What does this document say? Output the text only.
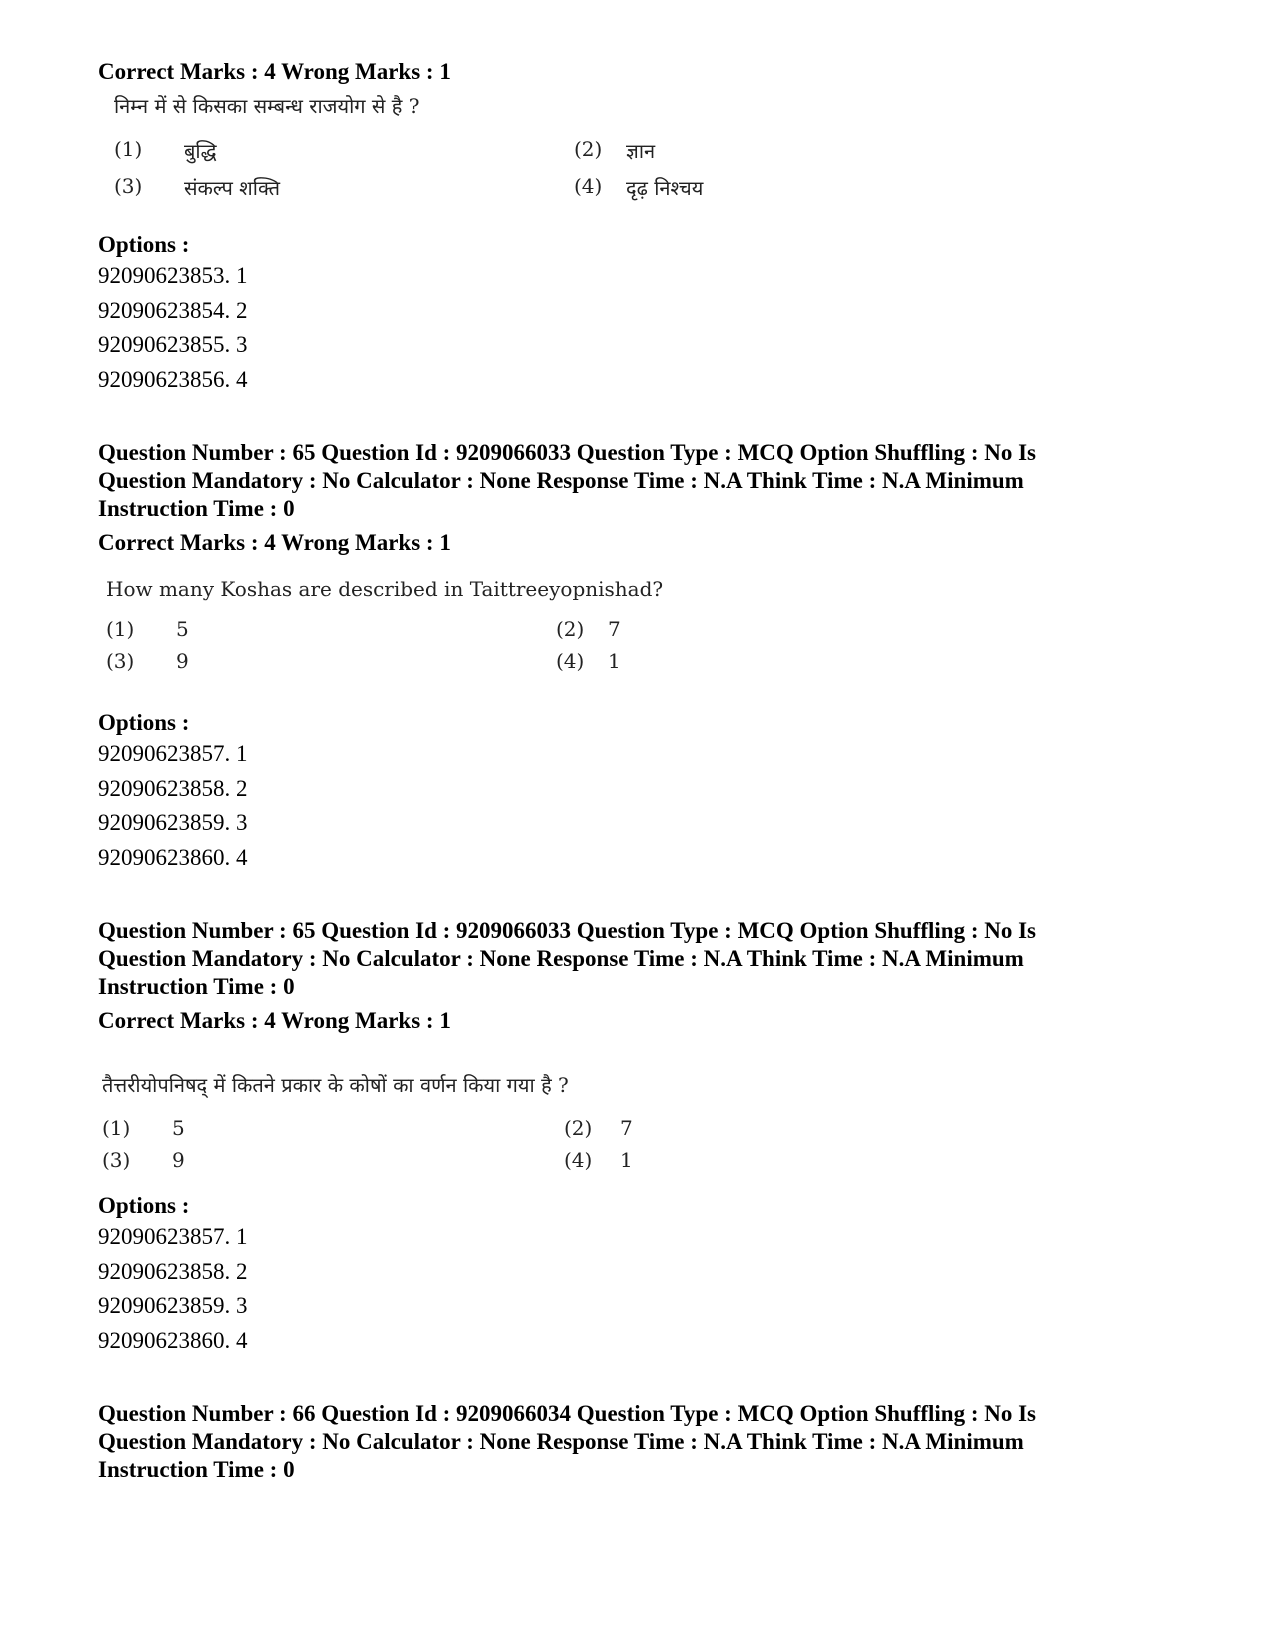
Correct Marks : 4 Wrong Marks : 1
निम्न में से किसका सम्बन्ध राजयोग से है ?
(1)	बुद्धि	(2)	ज्ञान
(3)	संकल्प शक्ति	(4)	दृढ़ निश्चय
Options :
92090623853. 1
92090623854. 2
92090623855. 3
92090623856. 4
Question Number : 65 Question Id : 9209066033 Question Type : MCQ Option Shuffling : No Is
Question Mandatory : No Calculator : None Response Time : N.A Think Time : N.A Minimum
Instruction Time : 0
Correct Marks : 4 Wrong Marks : 1
How many Koshas are described in Taittreeyopnishad?
(1)	5	(2)	7
(3)	9	(4)	1
Options :
92090623857. 1
92090623858. 2
92090623859. 3
92090623860. 4
Question Number : 65 Question Id : 9209066033 Question Type : MCQ Option Shuffling : No Is
Question Mandatory : No Calculator : None Response Time : N.A Think Time : N.A Minimum
Instruction Time : 0
Correct Marks : 4 Wrong Marks : 1
तैत्तरीयोपनिषद् में कितने प्रकार के कोषों का वर्णन किया गया है ?
(1)	5	(2)	7
(3)	9	(4)	1
Options :
92090623857. 1
92090623858. 2
92090623859. 3
92090623860. 4
Question Number : 66 Question Id : 9209066034 Question Type : MCQ Option Shuffling : No Is
Question Mandatory : No Calculator : None Response Time : N.A Think Time : N.A Minimum
Instruction Time : 0
